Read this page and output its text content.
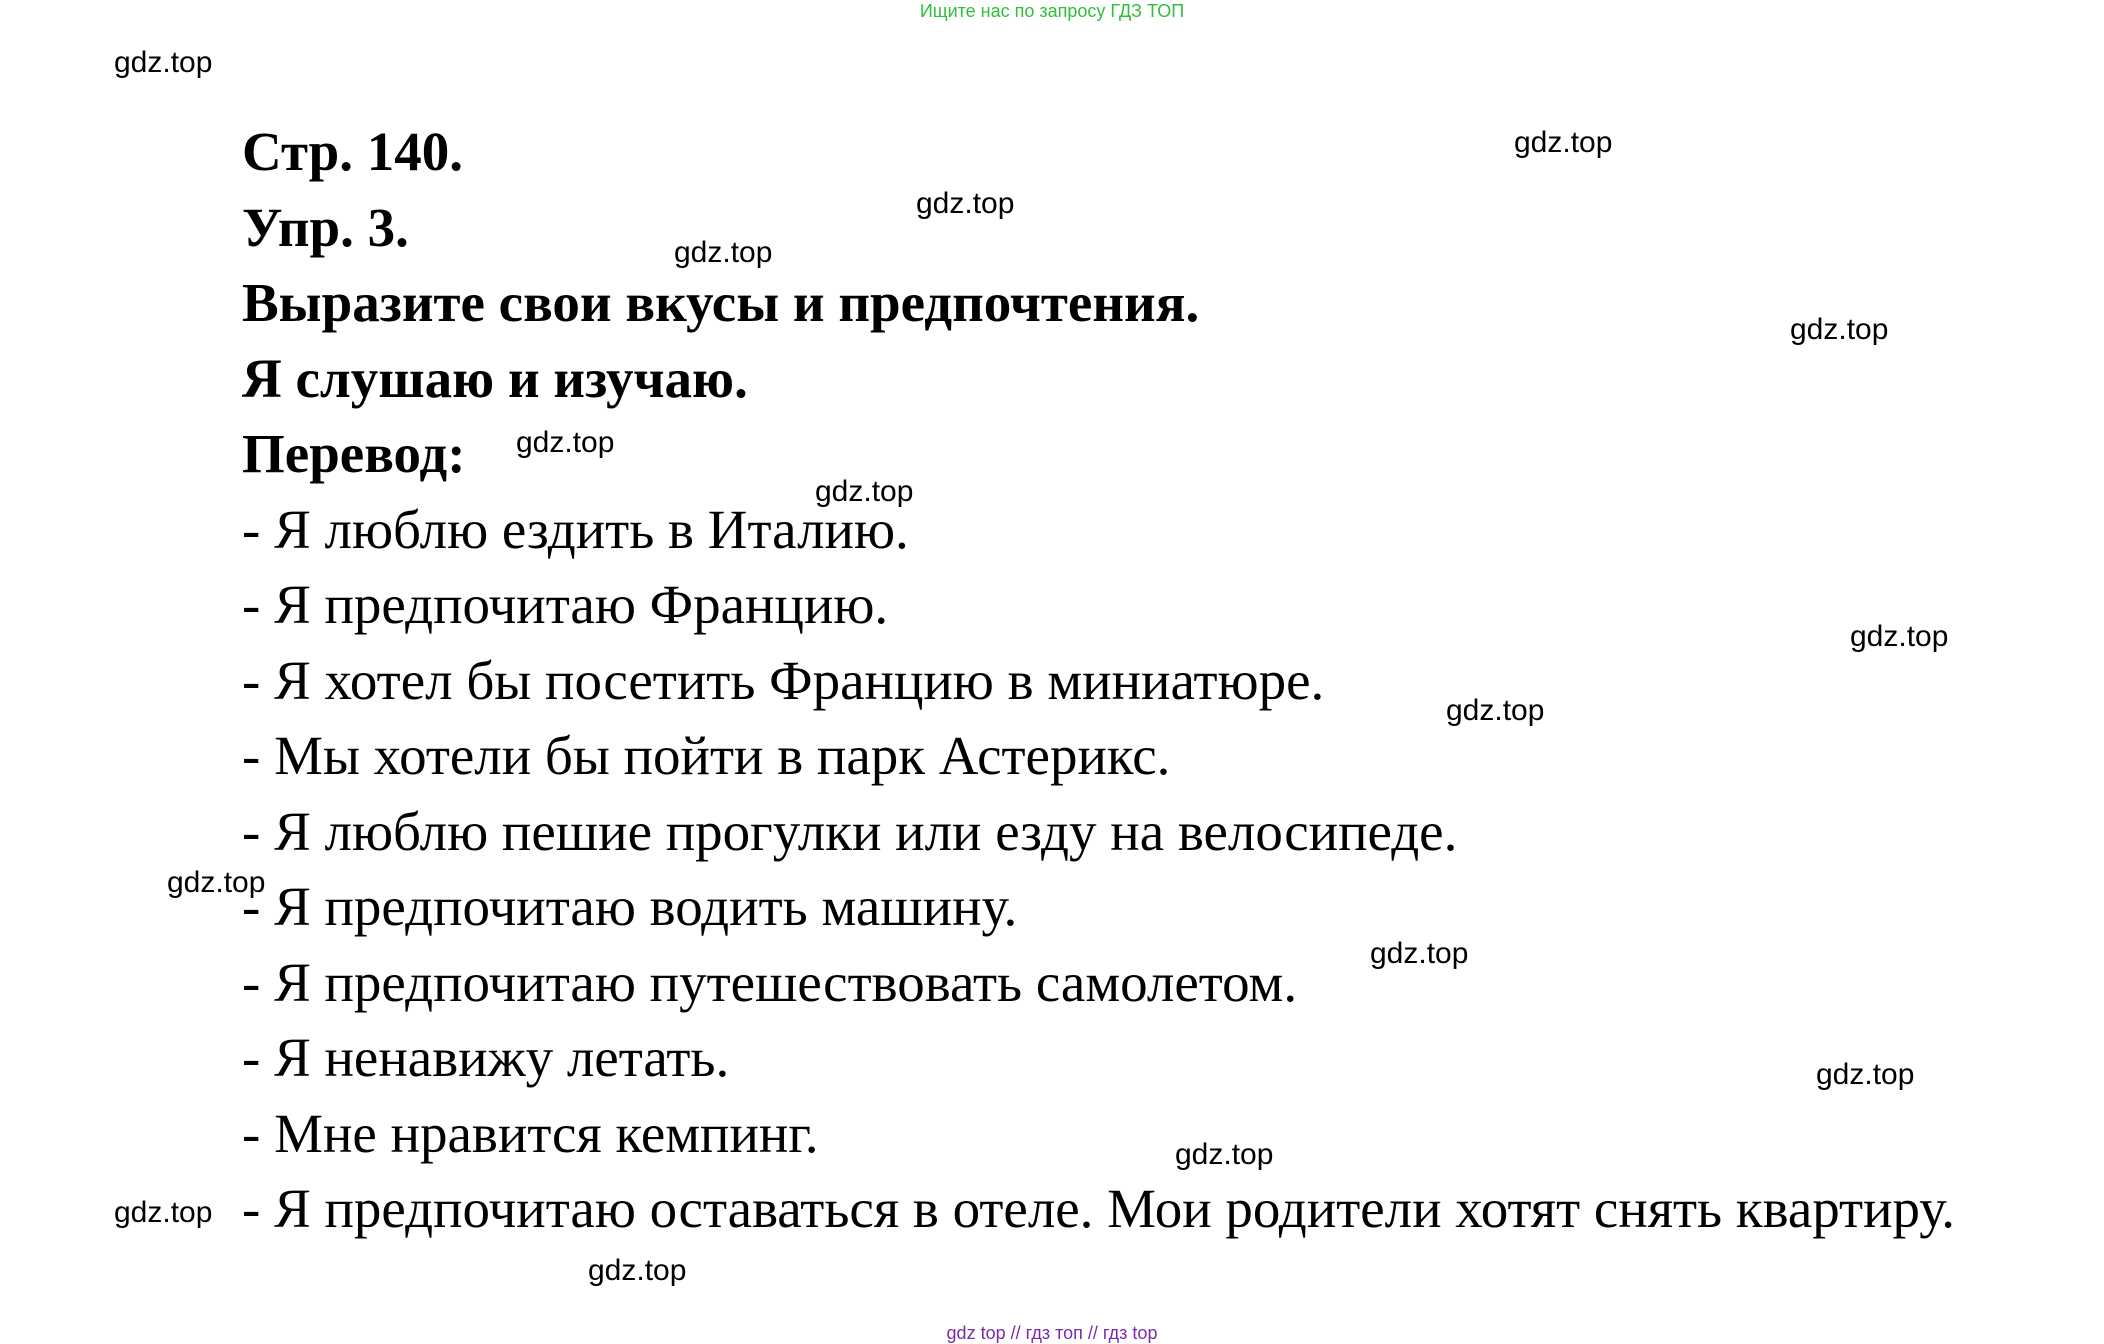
Ищите нас по запросу ГДЗ ТОП
Стр. 140.
Упр. 3.
Выразите свои вкусы и предпочтения.
Я слушаю и изучаю.
Перевод:
- Я люблю ездить в Италию.
- Я предпочитаю Францию.
- Я хотел бы посетить Францию в миниатюре.
- Мы хотели бы пойти в парк Астерикс.
- Я люблю пешие прогулки или езду на велосипеде.
- Я предпочитаю водить машину.
- Я предпочитаю путешествовать самолетом.
- Я ненавижу летать.
- Мне нравится кемпинг.
- Я предпочитаю оставаться в отеле. Мои родители хотят снять квартиру.
gdz.top
gdz.top
gdz.top
gdz.top
gdz.top
gdz.top
gdz.top
gdz.top
gdz.top
gdz.top
gdz.top
gdz.top
gdz.top
gdz.top
gdz.top
gdz top // гдз топ // гдз top
